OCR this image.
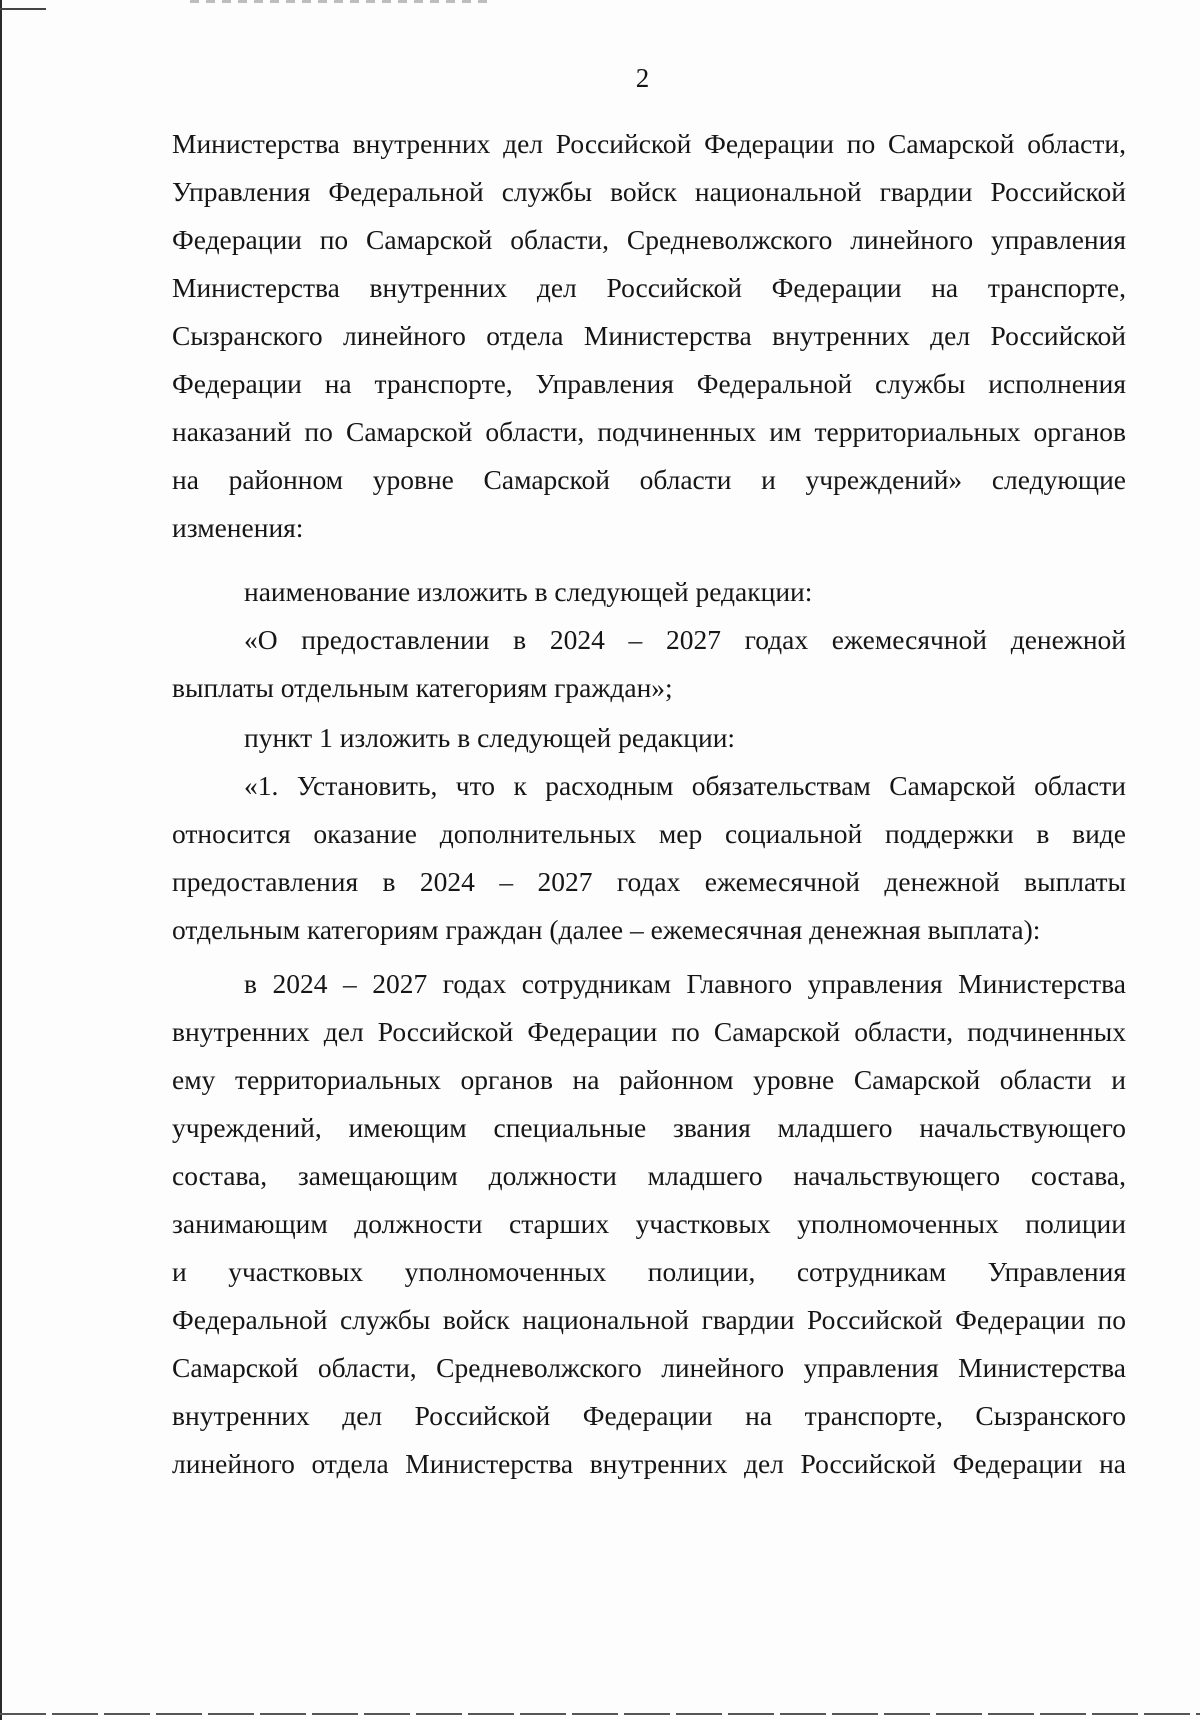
2
Министерства внутренних дел Российской Федерации по Самарской области,
Управления Федеральной службы войск национальной гвардии Российской
Федерации по Самарской области, Средневолжского линейного управления
Министерства внутренних дел Российской Федерации на транспорте,
Сызранского линейного отдела Министерства внутренних дел Российской
Федерации на транспорте, Управления Федеральной службы исполнения
наказаний по Самарской области, подчиненных им территориальных органов
на районном уровне Самарской области и учреждений» следующие
изменения:
наименование изложить в следующей редакции:
«О предоставлении в 2024 – 2027 годах ежемесячной денежной
выплаты отдельным категориям граждан»;
пункт 1 изложить в следующей редакции:
«1. Установить, что к расходным обязательствам Самарской области
относится оказание дополнительных мер социальной поддержки в виде
предоставления в 2024 – 2027 годах ежемесячной денежной выплаты
отдельным категориям граждан (далее – ежемесячная денежная выплата):
в 2024 – 2027 годах сотрудникам Главного управления Министерства
внутренних дел Российской Федерации по Самарской области, подчиненных
ему территориальных органов на районном уровне Самарской области и
учреждений, имеющим специальные звания младшего начальствующего
состава, замещающим должности младшего начальствующего состава,
занимающим должности старших участковых уполномоченных полиции
и участковых уполномоченных полиции, сотрудникам Управления
Федеральной службы войск национальной гвардии Российской Федерации по
Самарской области, Средневолжского линейного управления Министерства
внутренних дел Российской Федерации на транспорте, Сызранского
линейного отдела Министерства внутренних дел Российской Федерации на
